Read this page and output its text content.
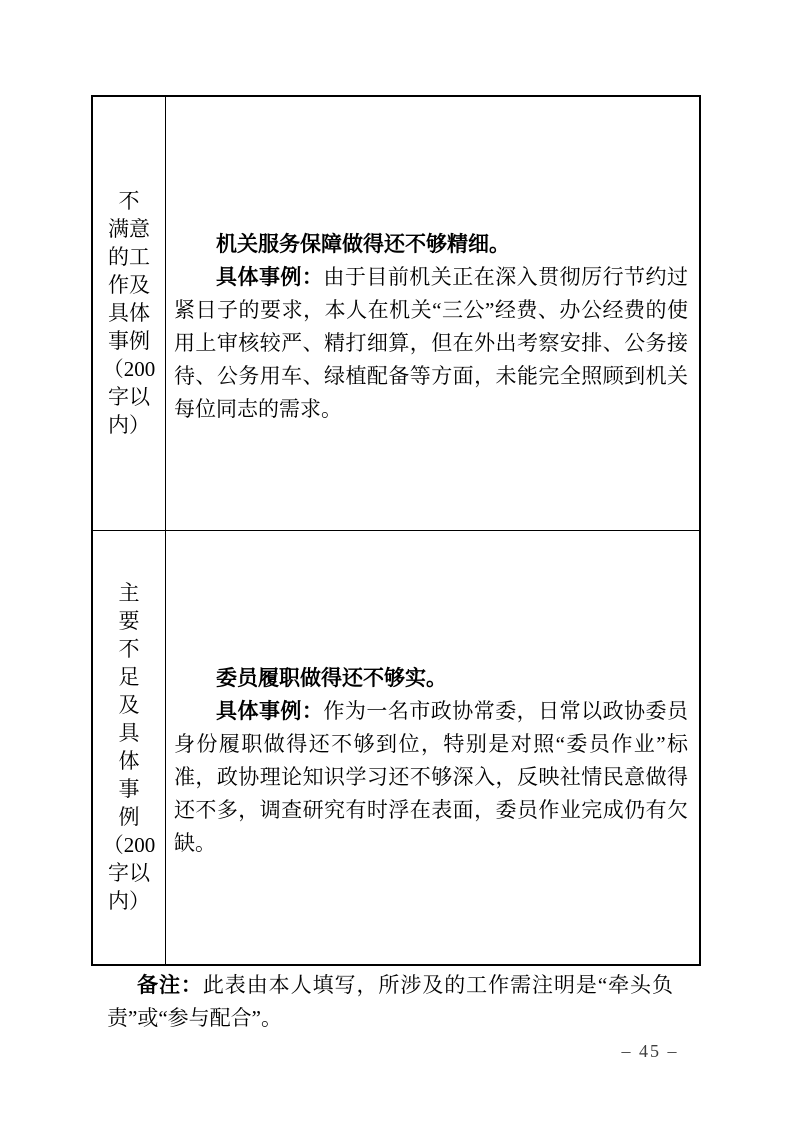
不
满意
的工
作及
具体
事例
（200
字以
内）

机关服务保障做得还不够精细。

具体事例：由于目前机关正在深入贯彻厉行节约过紧日子的要求，本人在机关“三公”经费、办公经费的使用上审核较严、精打细算，但在外出考察安排、公务接待、公务用车、绿植配备等方面，未能完全照顾到机关每位同志的需求。

主
要
不
足
及
具
体
事
例
（200
字以
内）

委员履职做得还不够实。

具体事例：作为一名市政协常委，日常以政协委员身份履职做得还不够到位，特别是对照“委员作业”标准，政协理论知识学习还不够深入，反映社情民意做得还不多，调查研究有时浮在表面，委员作业完成仍有欠缺。

备注：此表由本人填写，所涉及的工作需注明是“牵头负责”或“参与配合”。

– 45 –
